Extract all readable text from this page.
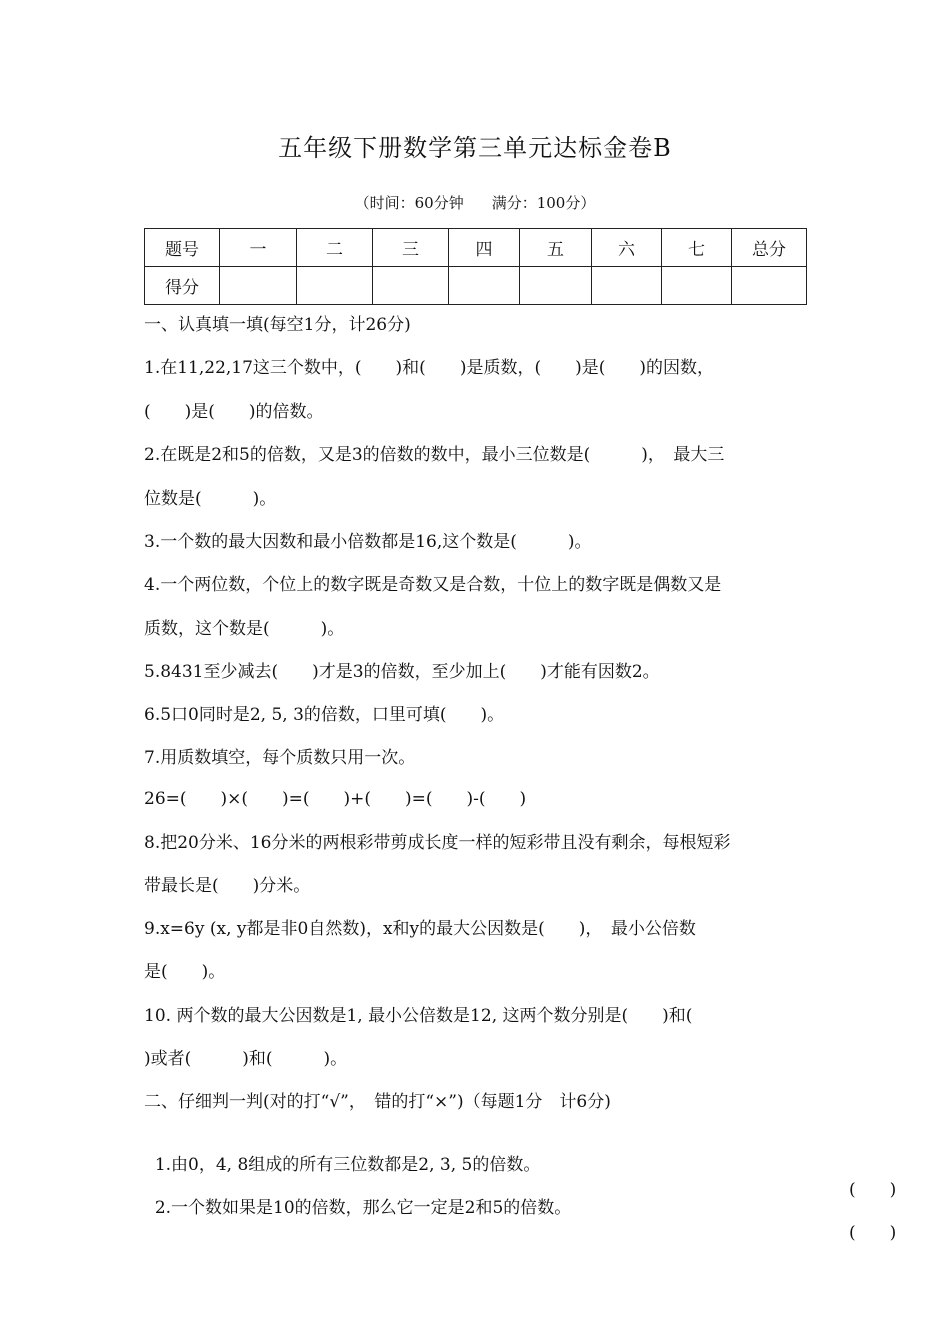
五年级下册数学第三单元达标金卷B
（时间：60分钟 满分：100分）
题号	一	二	三	四	五	六	七	总分
得分								
一、认真填一填(每空1分，计26分)
1.在11,22,17这三个数中，(　　)和(　　)是质数，(　　)是(　　)的因数，
(　　)是(　　)的倍数。
2.在既是2和5的倍数，又是3的倍数的数中，最小三位数是(　　　)，　最大三
位数是(　　　)。
3.一个数的最大因数和最小倍数都是16,这个数是(　　　)。
4.一个两位数，个位上的数字既是奇数又是合数，十位上的数字既是偶数又是
质数，这个数是(　　　)。
5.8431至少减去(　　)才是3的倍数，至少加上(　　)才能有因数2。
6.5口0同时是2, 5, 3的倍数，口里可填(　　)。
7.用质数填空，每个质数只用一次。
26=(　　)×(　　)=(　　)+(　　)=(　　)-(　　)
8.把20分米、16分米的两根彩带剪成长度一样的短彩带且没有剩余，每根短彩
带最长是(　　)分米。
9.x=6y (x, y都是非0自然数)，x和y的最大公因数是(　　)，　最小公倍数
是(　　)。
10. 两个数的最大公因数是1, 最小公倍数是12, 这两个数分别是(　　)和(
)或者(　　　)和(　　　)。
二、仔细判一判(对的打“√”，　错的打“×”)（每题1分　计6分)

1.由0，4, 8组成的所有三位数都是2, 3, 5的倍数。

(　　)

2.一个数如果是10的倍数，那么它一定是2和5的倍数。

(　　)
